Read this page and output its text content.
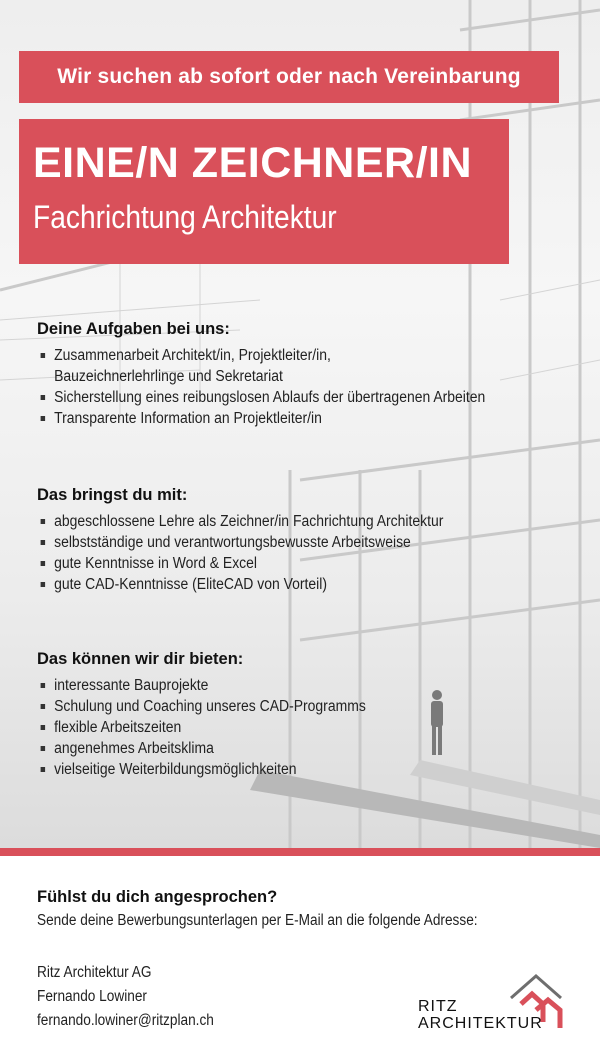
Wir suchen ab sofort oder nach Vereinbarung
EINE/N ZEICHNER/IN
Fachrichtung Architektur
Deine Aufgaben bei uns:
Zusammenarbeit Architekt/in, Projektleiter/in,
Bauzeichnerlehrlinge und Sekretariat
Sicherstellung eines reibungslosen Ablaufs der übertragenen Arbeiten
Transparente Information an Projektleiter/in
Das bringst du mit:
abgeschlossene Lehre als Zeichner/in Fachrichtung Architektur
selbstständige und verantwortungsbewusste Arbeitsweise
gute Kenntnisse in Word & Excel
gute CAD-Kenntnisse (EliteCAD von Vorteil)
Das können wir dir bieten:
interessante Bauprojekte
Schulung und Coaching unseres CAD-Programms
flexible Arbeitszeiten
angenehmes Arbeitsklima
vielseitige Weiterbildungsmöglichkeiten
Fühlst du dich angesprochen?
Sende deine Bewerbungsunterlagen per E-Mail an die folgende Adresse:
Ritz Architektur AG
Fernando Lowiner
fernando.lowiner@ritzplan.ch
RITZ
ARCHITEKTUR
